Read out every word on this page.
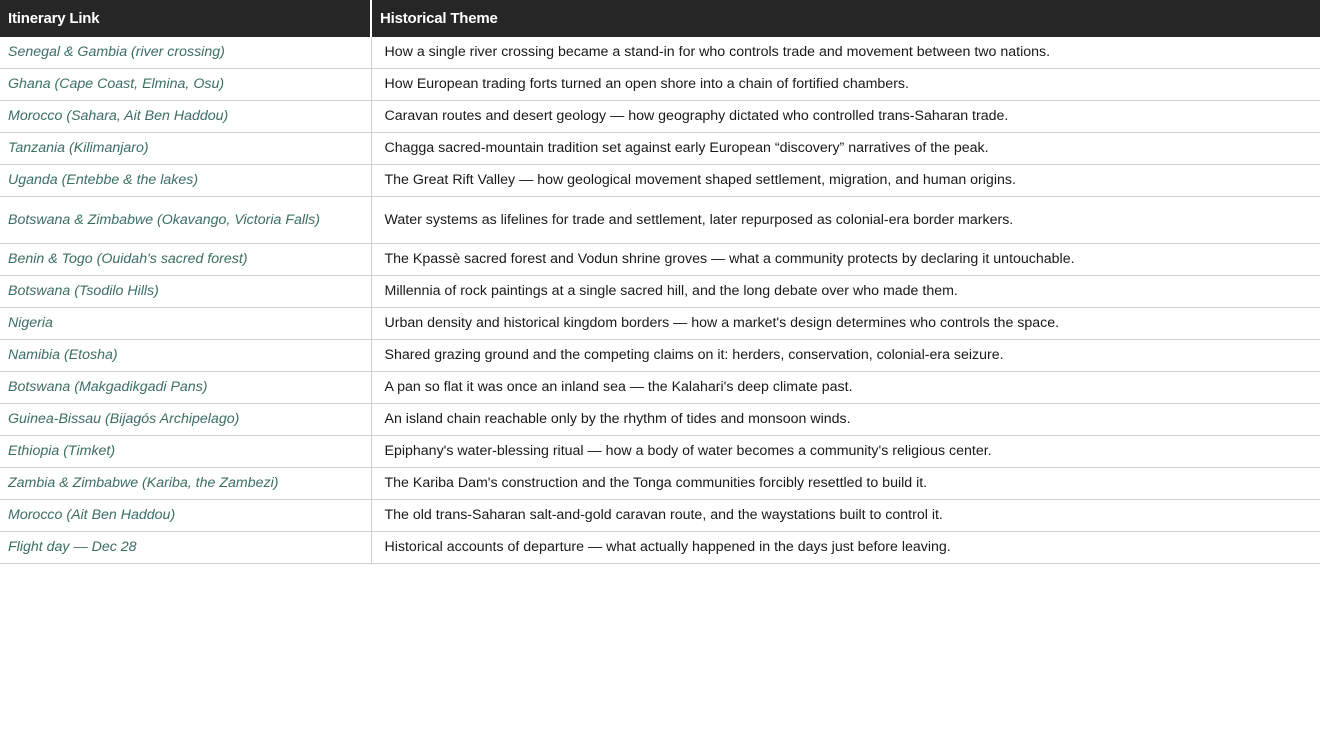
Itinerary Link	Historical Theme
Senegal & Gambia (river crossing)	How a single river crossing became a stand-in for who controls trade and movement between two nations.
Ghana (Cape Coast, Elmina, Osu)	How European trading forts turned an open shore into a chain of fortified chambers.
Morocco (Sahara, Ait Ben Haddou)	Caravan routes and desert geology — how geography dictated who controlled trans-Saharan trade.
Tanzania (Kilimanjaro)	Chagga sacred-mountain tradition set against early European “discovery” narratives of the peak.
Uganda (Entebbe & the lakes)	The Great Rift Valley — how geological movement shaped settlement, migration, and human origins.
Botswana & Zimbabwe (Okavango, Victoria Falls)	Water systems as lifelines for trade and settlement, later repurposed as colonial-era border markers.
Benin & Togo (Ouidah's sacred forest)	The Kpassè sacred forest and Vodun shrine groves — what a community protects by declaring it untouchable.
Botswana (Tsodilo Hills)	Millennia of rock paintings at a single sacred hill, and the long debate over who made them.
Nigeria	Urban density and historical kingdom borders — how a market's design determines who controls the space.
Namibia (Etosha)	Shared grazing ground and the competing claims on it: herders, conservation, colonial-era seizure.
Botswana (Makgadikgadi Pans)	A pan so flat it was once an inland sea — the Kalahari's deep climate past.
Guinea-Bissau (Bijagós Archipelago)	An island chain reachable only by the rhythm of tides and monsoon winds.
Ethiopia (Timket)	Epiphany's water-blessing ritual — how a body of water becomes a community's religious center.
Zambia & Zimbabwe (Kariba, the Zambezi)	The Kariba Dam's construction and the Tonga communities forcibly resettled to build it.
Morocco (Ait Ben Haddou)	The old trans-Saharan salt-and-gold caravan route, and the waystations built to control it.
Flight day — Dec 28	Historical accounts of departure — what actually happened in the days just before leaving.
